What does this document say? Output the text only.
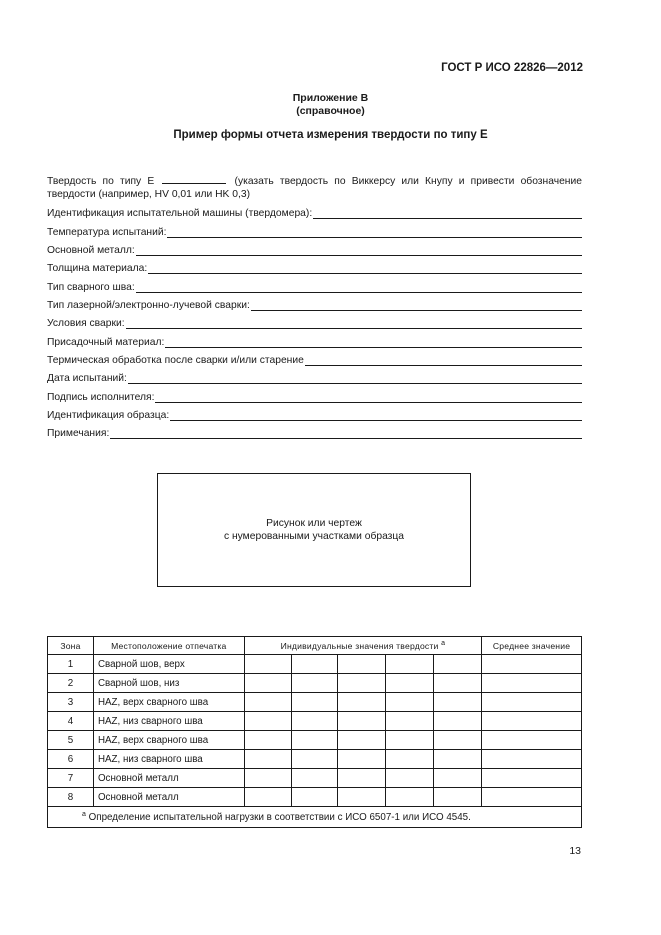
ГОСТ Р ИСО 22826—2012
Приложение В
(справочное)
Пример формы отчета измерения твердости по типу Е
Твердость по типу Е	(указать твердость по Виккерсу или Кнупу и привести обозначение твердости (например, HV 0,01 или HK 0,3)
Идентификация испытательной машины (твердомера):
Температура испытаний:
Основной металл:
Толщина материала:
Тип сварного шва:
Тип лазерной/электронно-лучевой сварки:
Условия сварки:
Присадочный материал:
Термическая обработка после сварки и/или старение
Дата испытаний:
Подпись исполнителя:
Идентификация образца:
Примечания:
Рисунок или чертеж
с нумерованными участками образца
Зона	Местоположение отпечатка	Индивидуальные значения твердости $^a$					Среднее значение
1	Сварной шов, верх						
2	Сварной шов, низ						
3	HAZ, верх сварного шва						
4	HAZ, низ сварного шва						
5	HAZ, верх сварного шва						
6	HAZ, низ сварного шва						
7	Основной металл						
8	Основной металл						
$^a$ Определение испытательной нагрузки в соответствии с ИСО 6507-1 или ИСО 4545.							
13
